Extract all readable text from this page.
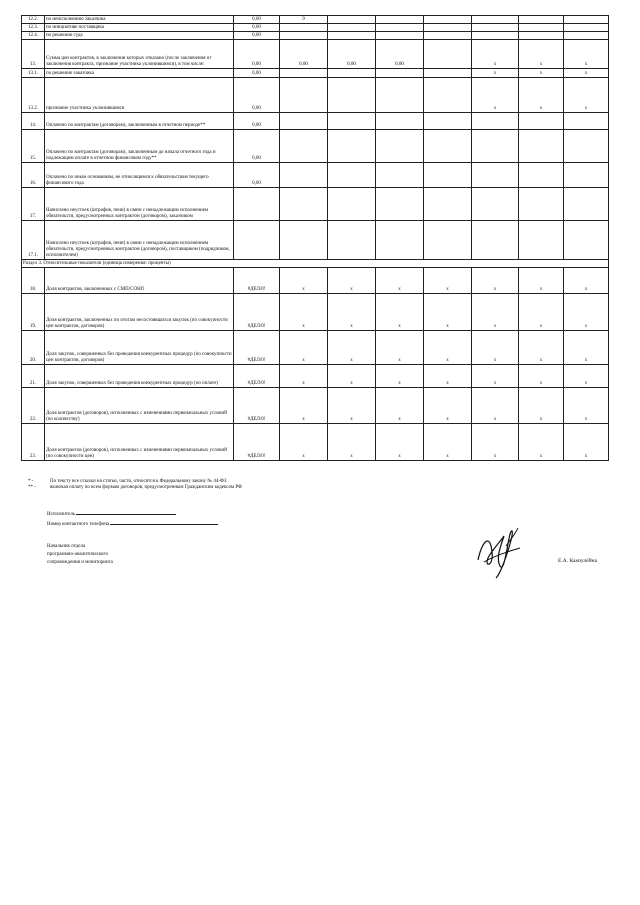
12.2.	по неисполнению заказчика	0,00	9						
12.3.	по инициативе поставщика	0,00							
12.4.	по решению суда	0,00							
13.	Сумма цен контрактов, в заключении которых отказано (после заключения от заключения контракта, признание участника уклонившимся), в том числе:	0,00	0,00	0,00	0,00		x	x	x
13.1.	по решению заказчика	0,00					x	x	x
13.2.	признание участника уклонившимся	0,00					x	x	x
14.	Оплачено по контрактам (договорам), заключенным в отчетном периоде**	0,00							
15.	Оплачено по контрактам (договорам), заключенным до начала отчетного года и подлежащим оплате в отчетном финансовом году**	0,00							
16.	Оплачено по иным основаниям, не относящимся к обязательствам текущего финансового года	0,00							
17.	Начислено неустоек (штрафов, пени) в связи с ненадлежащим исполнением обязательств, предусмотренных контрактом (договором), заказчиком								
17.1.	Начислено неустоек (штрафов, пени) в связи с ненадлежащим исполнением обязательств, предусмотренных контрактом (договором), поставщиком (подрядчиком, исполнителем)								
Раздел 3. Относительные показатели (единица измерения: проценты)									
18.	Доля контрактов, заключенных с СМП/СОНО	#ДЕЛ/0!	x	x	x	x	x	x	x
19.	Доля контрактов, заключенных по итогам несостоявшихся закупок (по совокупности цен контрактов, договоров)	#ДЕЛ/0!	x	x	x	x	x	x	x
20.	Доля закупок, совершенных без проведения конкурентных процедур (по совокупности цен контрактов, договоров)	#ДЕЛ/0!	x	x	x	x	x	x	x
21.	Доля закупок, совершенных без проведения конкурентных процедур (по оплате)	#ДЕЛ/0!	x	x	x	x	x	x	x
22.	Доля контрактов (договоров), исполненных с изменениями первоначальных условий (по количеству)	#ДЕЛ/0!	x	x	x	x	x	x	x
23.	Доля контрактов (договоров), исполненных с изменениями первоначальных условий (по совокупности цен)	#ДЕЛ/0!	x	x	x	x	x	x	x
* -	По тексту все ссылки на статьи, части, относятся к Федеральному закону № 44-ФЗ
** -	включая оплату по всем формам договоров, предусмотренным Гражданским кодексом РФ
Исполнитель
Номер контактного телефона
Начальник отдела
программно-аналитического
сопровождения и мониторинга	Е.А. Камзулёйна
